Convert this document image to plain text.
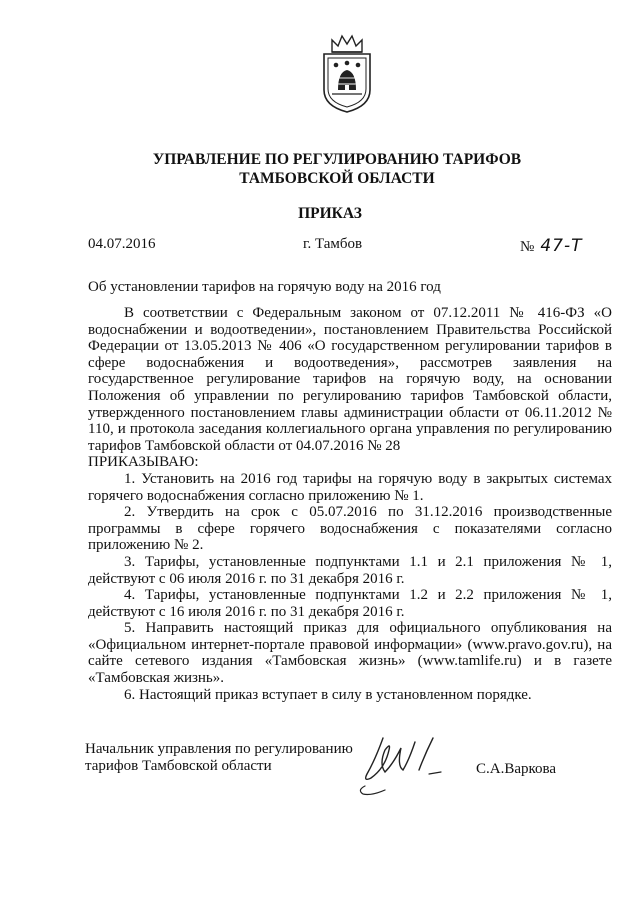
УПРАВЛЕНИЕ ПО РЕГУЛИРОВАНИЮ ТАРИФОВ
ТАМБОВСКОЙ ОБЛАСТИ
ПРИКАЗ
04.07.2016	г. Тамбов	№ 47-Т
Об установлении тарифов на горячую воду на 2016 год

В соответствии с Федеральным законом от 07.12.2011 № 416-ФЗ «О водоснабжении и водоотведении», постановлением Правительства Российской Федерации от 13.05.2013 № 406 «О государственном регулировании тарифов в сфере водоснабжения и водоотведения», рассмотрев заявления на государственное регулирование тарифов на горячую воду, на основании Положения об управлении по регулированию тарифов Тамбовской области, утвержденного постановлением главы администрации области от 06.11.2012 № 110, и протокола заседания коллегиального органа управления по регулированию тарифов Тамбовской области от 04.07.2016 № 28

ПРИКАЗЫВАЮ:

1. Установить на 2016 год тарифы на горячую воду в закрытых системах горячего водоснабжения согласно приложению № 1.

2. Утвердить на срок с 05.07.2016 по 31.12.2016 производственные программы в сфере горячего водоснабжения с показателями согласно приложению № 2.

3. Тарифы, установленные подпунктами 1.1 и 2.1 приложения № 1, действуют с 06 июля 2016 г. по 31 декабря 2016 г.

4. Тарифы, установленные подпунктами 1.2 и 2.2 приложения № 1, действуют с 16 июля 2016 г. по 31 декабря 2016 г.

5. Направить настоящий приказ для официального опубликования на «Официальном интернет-портале правовой информации» (www.pravo.gov.ru), на сайте сетевого издания «Тамбовская жизнь» (www.tamlife.ru) и в газете «Тамбовская жизнь».

6. Настоящий приказ вступает в силу в установленном порядке.

Начальник управления по регулированию
тарифов Тамбовской области	С.А.Варкова
